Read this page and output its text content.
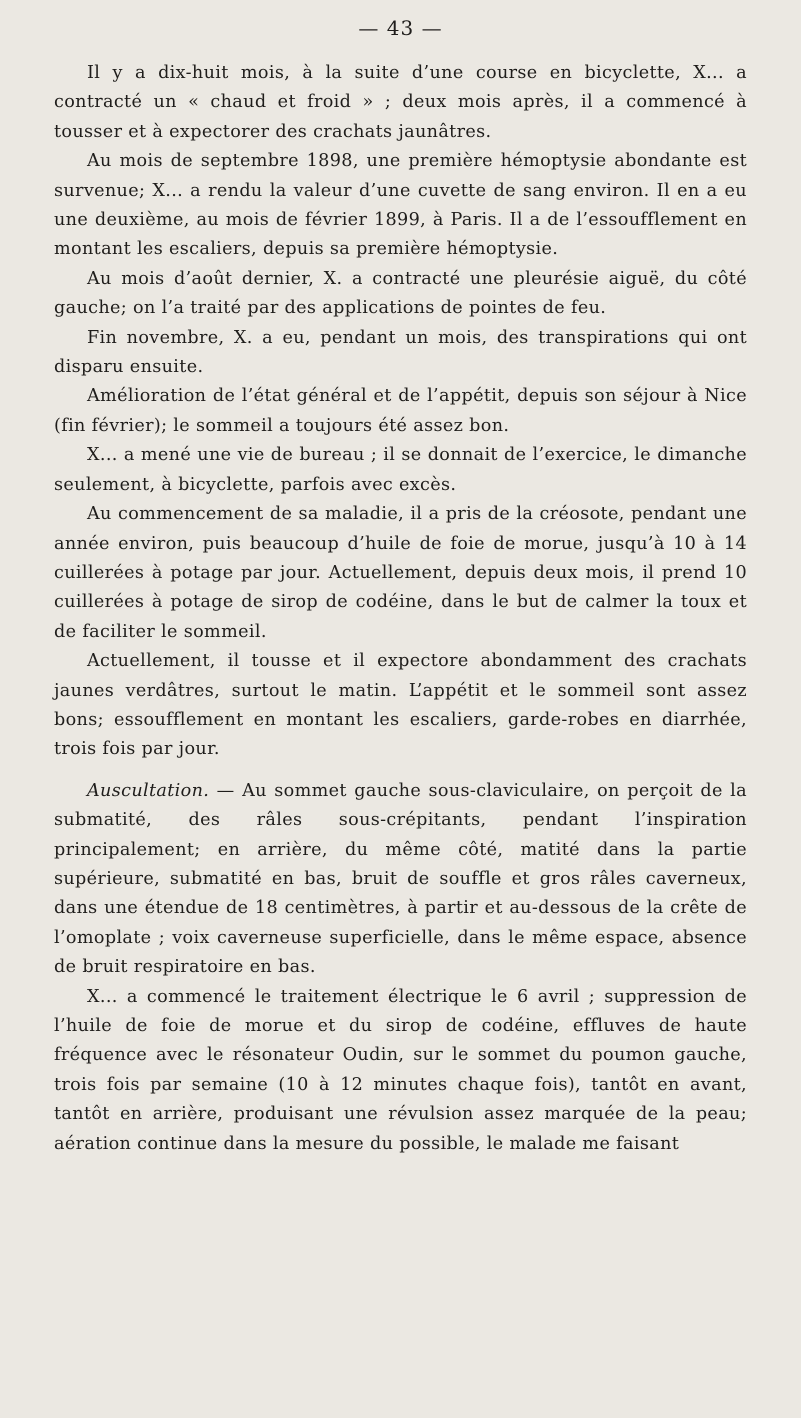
— 43 —

Il y a dix-huit mois, à la suite d’une course en bicyclette, X... a contracté un « chaud et froid » ; deux mois après, il a commencé à tousser et à expectorer des crachats jaunâtres.

Au mois de septembre 1898, une première hémoptysie abondante est survenue; X... a rendu la valeur d’une cuvette de sang environ. Il en a eu une deuxième, au mois de février 1899, à Paris. Il a de l’essoufflement en montant les escaliers, depuis sa première hémoptysie.

Au mois d’août dernier, X. a contracté une pleurésie aiguë, du côté gauche; on l’a traité par des applications de pointes de feu.

Fin novembre, X. a eu, pendant un mois, des transpirations qui ont disparu ensuite.

Amélioration de l’état général et de l’appétit, depuis son séjour à Nice (fin février); le sommeil a toujours été assez bon.

X... a mené une vie de bureau ; il se donnait de l’exercice, le dimanche seulement, à bicyclette, parfois avec excès.

Au commencement de sa maladie, il a pris de la créosote, pendant une année environ, puis beaucoup d’huile de foie de morue, jusqu’à 10 à 14 cuillerées à potage par jour. Actuellement, depuis deux mois, il prend 10 cuillerées à potage de sirop de codéine, dans le but de calmer la toux et de faciliter le sommeil.

Actuellement, il tousse et il expectore abondamment des crachats jaunes verdâtres, surtout le matin. L’appétit et le sommeil sont assez bons; essoufflement en montant les escaliers, garde-robes en diarrhée, trois fois par jour.

Auscultation. — Au sommet gauche sous-claviculaire, on perçoit de la submatité, des râles sous-crépitants, pendant l’inspiration principalement; en arrière, du même côté, matité dans la partie supérieure, submatité en bas, bruit de souffle et gros râles caverneux, dans une étendue de 18 centimètres, à partir et au-dessous de la crête de l’omoplate ; voix caverneuse superficielle, dans le même espace, absence de bruit respiratoire en bas.

X... a commencé le traitement électrique le 6 avril ; suppression de l’huile de foie de morue et du sirop de codéine, effluves de haute fréquence avec le résonateur Oudin, sur le sommet du poumon gauche, trois fois par semaine (10 à 12 minutes chaque fois), tantôt en avant, tantôt en arrière, produisant une révulsion assez marquée de la peau; aération continue dans la mesure du possible, le malade me faisant
